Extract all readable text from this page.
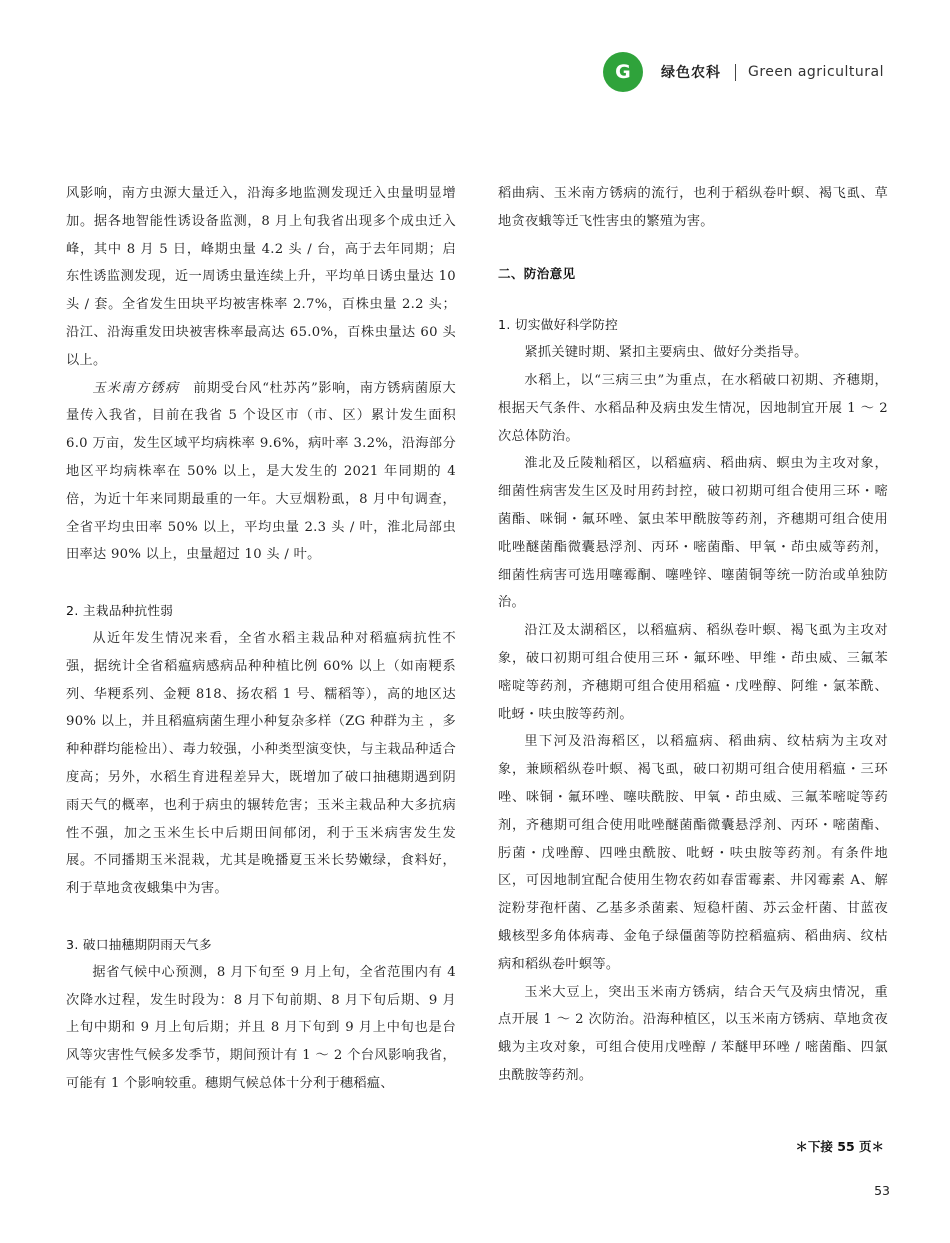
G	绿色农科 Green agricultural

风影响，南方虫源大量迁入，沿海多地监测发现迁入虫量明显增加。据各地智能性诱设备监测，8 月上旬我省出现多个成虫迁入峰，其中 8 月 5 日，峰期虫量 4.2 头 / 台，高于去年同期；启东性诱监测发现，近一周诱虫量连续上升，平均单日诱虫量达 10 头 / 套。全省发生田块平均被害株率 2.7%，百株虫量 2.2 头；沿江、沿海重发田块被害株率最高达 65.0%，百株虫量达 60 头以上。

玉米南方锈病　 前期受台风“杜苏芮”影响，南方锈病菌原大量传入我省，目前在我省 5 个设区市（市、区）累计发生面积 6.0 万亩，发生区域平均病株率 9.6%，病叶率 3.2%，沿海部分地区平均病株率在 50% 以上，是大发生的 2021 年同期的 4 倍，为近十年来同期最重的一年。大豆烟粉虱，8 月中旬调查，全省平均虫田率 50% 以上，平均虫量 2.3 头 / 叶，淮北局部虫田率达 90% 以上，虫量超过 10 头 / 叶。

2. 主栽品种抗性弱

从近年发生情况来看，全省水稻主栽品种对稻瘟病抗性不强，据统计全省稻瘟病感病品种种植比例 60% 以上（如南粳系列、华粳系列、金粳 818、扬农稻 1 号、糯稻等），高的地区达 90% 以上，并且稻瘟病菌生理小种复杂多样（ZG 种群为主 ，多种种群均能检出）、毒力较强，小种类型演变快，与主栽品种适合度高；另外，水稻生育进程差异大，既增加了破口抽穗期遇到阴雨天气的概率，也利于病虫的辗转危害；玉米主栽品种大多抗病性不强，加之玉米生长中后期田间郁闭，利于玉米病害发生发展。不同播期玉米混栽，尤其是晚播夏玉米长势嫩绿，食料好，利于草地贪夜蛾集中为害。

3. 破口抽穗期阴雨天气多

据省气候中心预测，8 月下旬至 9 月上旬，全省范围内有 4 次降水过程，发生时段为：8 月下旬前期、8 月下旬后期、9 月上旬中期和 9 月上旬后期；并且 8 月下旬到 9 月上中旬也是台风等灾害性气候多发季节，期间预计有 1 ～ 2 个台风影响我省，可能有 1 个影响较重。穗期气候总体十分利于穗稻瘟、

稻曲病、玉米南方锈病的流行，也利于稻纵卷叶螟、褐飞虱、草地贪夜蛾等迁飞性害虫的繁殖为害。

二、防治意见

1. 切实做好科学防控

紧抓关键时期、紧扣主要病虫、做好分类指导。

水稻上，以“三病三虫”为重点，在水稻破口初期、齐穗期，根据天气条件、水稻品种及病虫发生情况，因地制宜开展 1 ～ 2 次总体防治。

淮北及丘陵籼稻区，以稻瘟病、稻曲病、螟虫为主攻对象，细菌性病害发生区及时用药封控，破口初期可组合使用三环・嘧菌酯、咪铜・氟环唑、氯虫苯甲酰胺等药剂，齐穗期可组合使用吡唑醚菌酯微囊悬浮剂、丙环・嘧菌酯、甲氧・茚虫威等药剂，细菌性病害可选用噻霉酮、噻唑锌、噻菌铜等统一防治或单独防治。

沿江及太湖稻区，以稻瘟病、稻纵卷叶螟、褐飞虱为主攻对象，破口初期可组合使用三环・氟环唑、甲维・茚虫威、三氟苯嘧啶等药剂，齐穗期可组合使用稻瘟・戊唑醇、阿维・氯苯酰、吡蚜・呋虫胺等药剂。

里下河及沿海稻区，以稻瘟病、稻曲病、纹枯病为主攻对象，兼顾稻纵卷叶螟、褐飞虱，破口初期可组合使用稻瘟・三环唑、咪铜・氟环唑、噻呋酰胺、甲氧・茚虫威、三氟苯嘧啶等药剂，齐穗期可组合使用吡唑醚菌酯微囊悬浮剂、丙环・嘧菌酯、肟菌・戊唑醇、四唑虫酰胺、吡蚜・呋虫胺等药剂。有条件地区，可因地制宜配合使用生物农药如春雷霉素、井冈霉素 A、解淀粉芽孢杆菌、乙基多杀菌素、短稳杆菌、苏云金杆菌、甘蓝夜蛾核型多角体病毒、金龟子绿僵菌等防控稻瘟病、稻曲病、纹枯病和稻纵卷叶螟等。

玉米大豆上，突出玉米南方锈病，结合天气及病虫情况，重点开展 1 ～ 2 次防治。沿海种植区，以玉米南方锈病、草地贪夜蛾为主攻对象，可组合使用戊唑醇 / 苯醚甲环唑 / 嘧菌酯、四氯虫酰胺等药剂。

＊下接 55 页＊
53
